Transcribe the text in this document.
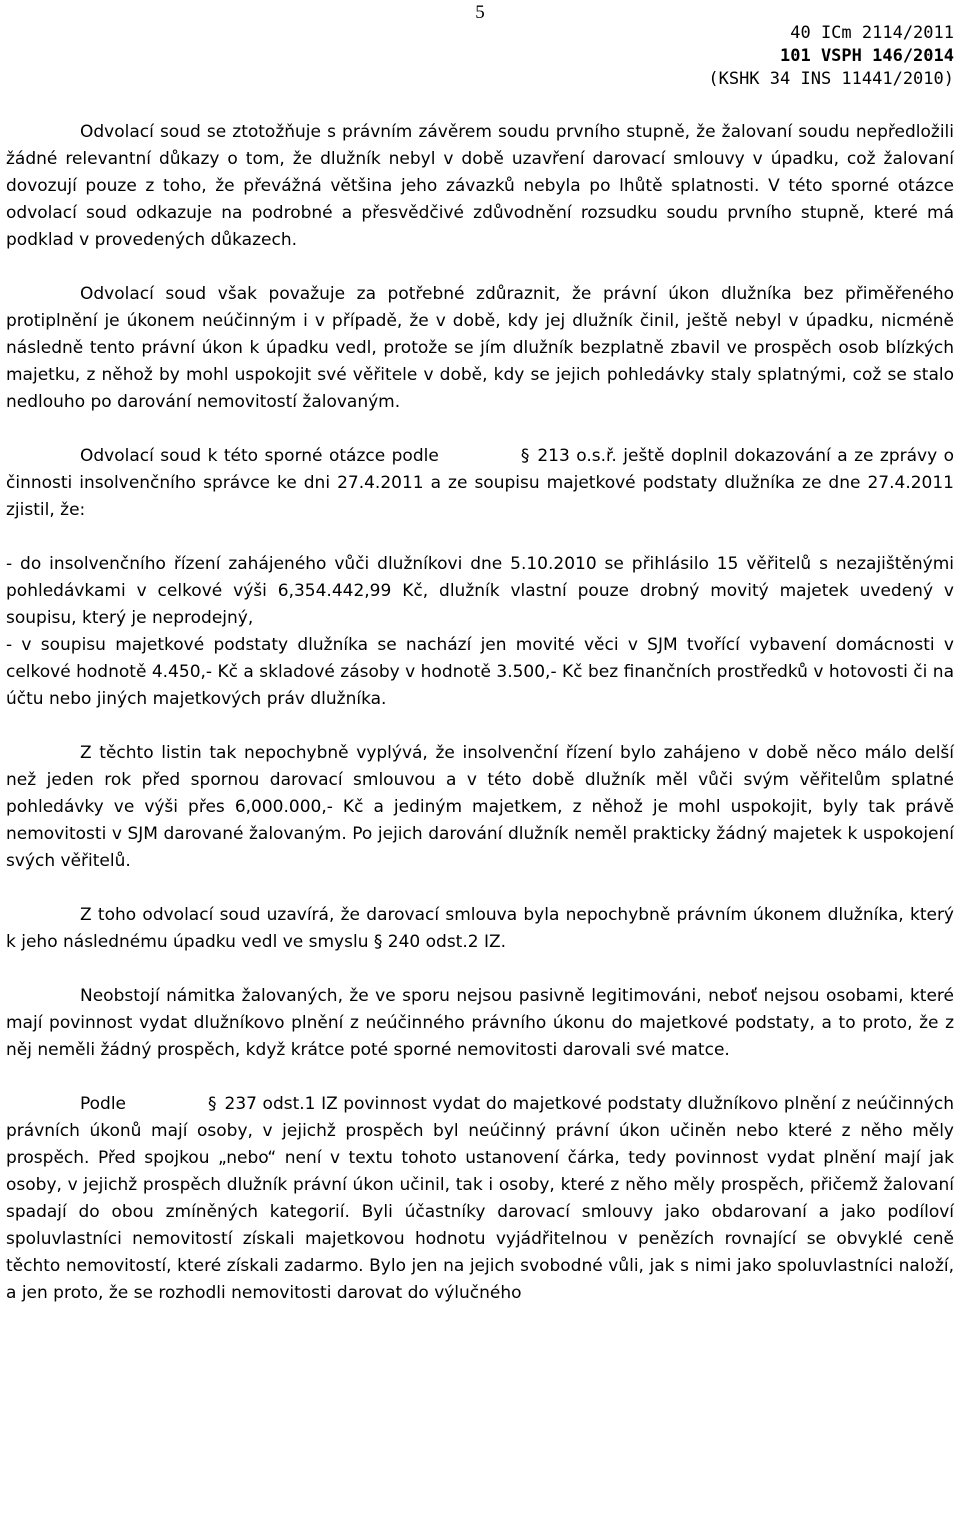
5
40 ICm 2114/2011
101 VSPH 146/2014
(KSHK 34 INS 11441/2010)

Odvolací soud se ztotožňuje s právním závěrem soudu prvního stupně, že žalovaní soudu nepředložili žádné relevantní důkazy o tom, že dlužník nebyl v době uzavření darovací smlouvy v úpadku, což žalovaní dovozují pouze z toho, že převážná většina jeho závazků nebyla po lhůtě splatnosti. V této sporné otázce odvolací soud odkazuje na podrobné a přesvědčivé zdůvodnění rozsudku soudu prvního stupně, které má podklad v provedených důkazech.

Odvolací soud však považuje za potřebné zdůraznit, že právní úkon dlužníka bez přiměřeného protiplnění je úkonem neúčinným i v případě, že v době, kdy jej dlužník činil, ještě nebyl v úpadku, nicméně následně tento právní úkon k úpadku vedl, protože se jím dlužník bezplatně zbavil ve prospěch osob blízkých majetku, z něhož by mohl uspokojit své věřitele v době, kdy se jejich pohledávky staly splatnými, což se stalo nedlouho po darování nemovitostí žalovaným.

Odvolací soud k této sporné otázce podle	§ 213 o.s.ř. ještě doplnil dokazování a ze zprávy o činnosti insolvenčního správce ke dni 27.4.2011 a ze soupisu majetkové podstaty dlužníka ze dne 27.4.2011 zjistil, že:

- do insolvenčního řízení zahájeného vůči dlužníkovi dne 5.10.2010 se přihlásilo 15 věřitelů s nezajištěnými pohledávkami v celkové výši 6,354.442,99 Kč, dlužník vlastní pouze drobný movitý majetek uvedený v soupisu, který je neprodejný,

- v soupisu majetkové podstaty dlužníka se nachází jen movité věci v SJM tvořící vybavení domácnosti v celkové hodnotě 4.450,- Kč a skladové zásoby v hodnotě 3.500,- Kč bez finančních prostředků v hotovosti či na účtu nebo jiných majetkových práv dlužníka.

Z těchto listin tak nepochybně vyplývá, že insolvenční řízení bylo zahájeno v době něco málo delší než jeden rok před spornou darovací smlouvou a v této době dlužník měl vůči svým věřitelům splatné pohledávky ve výši přes 6,000.000,- Kč a jediným majetkem, z něhož je mohl uspokojit, byly tak právě nemovitosti v SJM darované žalovaným. Po jejich darování dlužník neměl prakticky žádný majetek k uspokojení svých věřitelů.

Z toho odvolací soud uzavírá, že darovací smlouva byla nepochybně právním úkonem dlužníka, který k jeho následnému úpadku vedl ve smyslu § 240 odst.2 IZ.

Neobstojí námitka žalovaných, že ve sporu nejsou pasivně legitimováni, neboť nejsou osobami, které mají povinnost vydat dlužníkovo plnění z neúčinného právního úkonu do majetkové podstaty, a to proto, že z něj neměli žádný prospěch, když krátce poté sporné nemovitosti darovali své matce.

Podle	§ 237 odst.1 IZ povinnost vydat do majetkové podstaty dlužníkovo plnění z neúčinných právních úkonů mají osoby, v jejichž prospěch byl neúčinný právní úkon učiněn nebo které z něho měly prospěch. Před spojkou „nebo“ není v textu tohoto ustanovení čárka, tedy povinnost vydat plnění mají jak osoby, v jejichž prospěch dlužník právní úkon učinil, tak i osoby, které z něho měly prospěch, přičemž žalovaní spadají do obou zmíněných kategorií. Byli účastníky darovací smlouvy jako obdarovaní a jako podíloví spoluvlastníci nemovitostí získali majetkovou hodnotu vyjádřitelnou v penězích rovnající se obvyklé ceně těchto nemovitostí, které získali zadarmo. Bylo jen na jejich svobodné vůli, jak s nimi jako spoluvlastníci naloží, a jen proto, že se rozhodli nemovitosti darovat do výlučného
